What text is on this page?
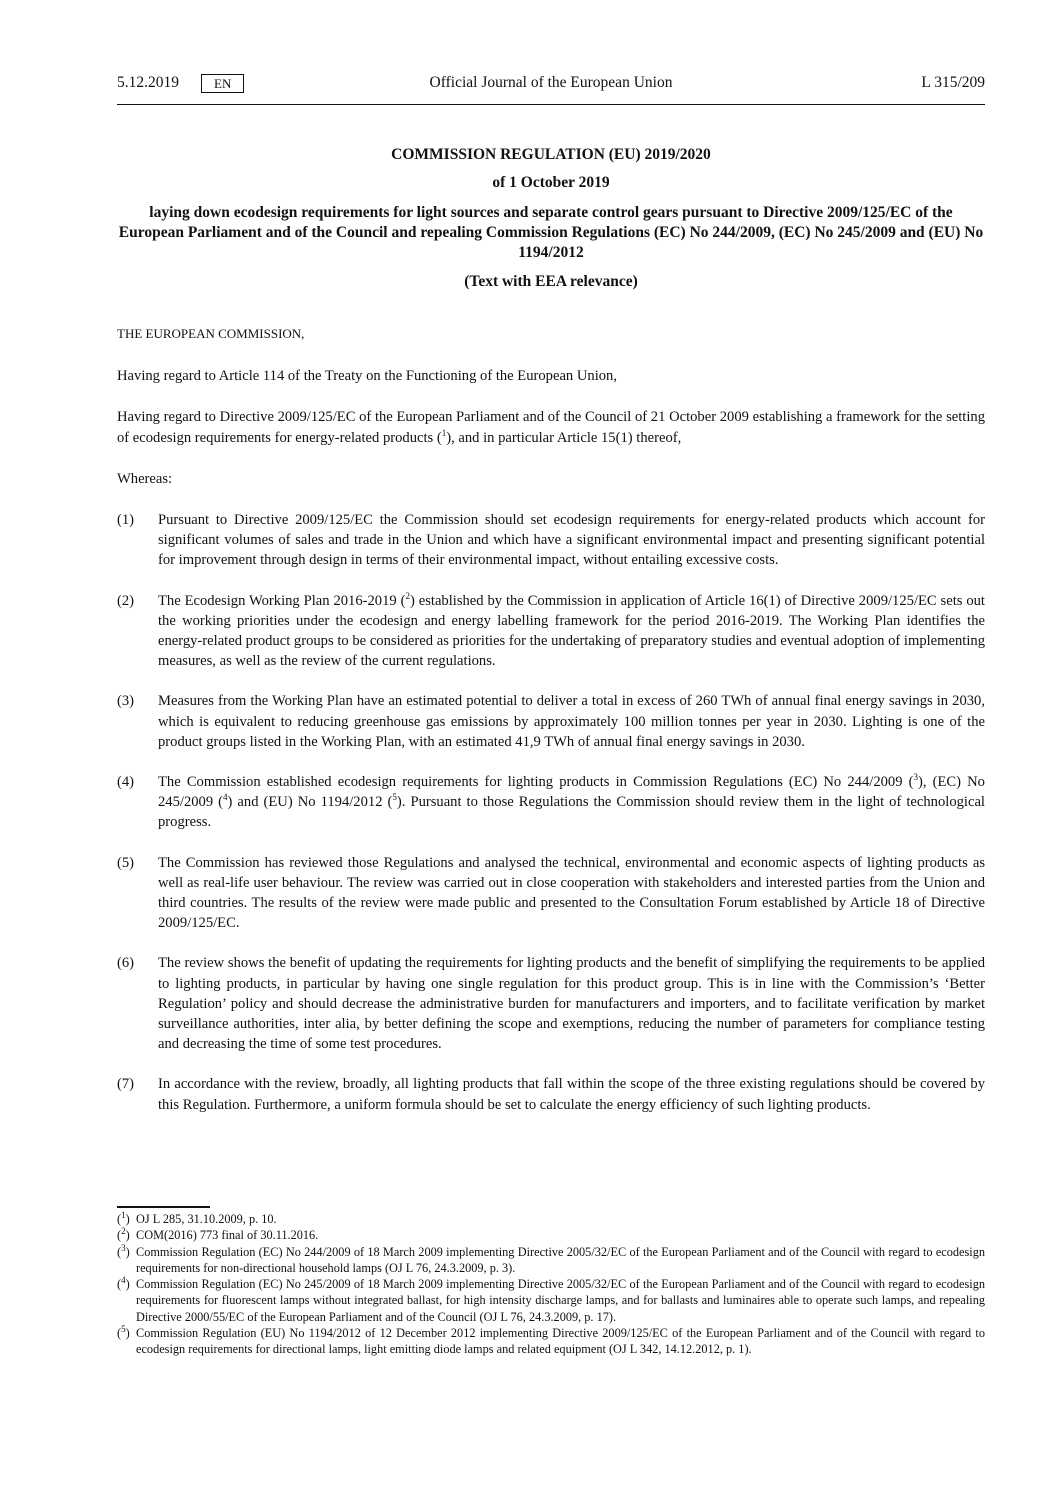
5.12.2019	EN	Official Journal of the European Union	L 315/209

COMMISSION REGULATION (EU) 2019/2020

of 1 October 2019

laying down ecodesign requirements for light sources and separate control gears pursuant to Directive 2009/125/EC of the European Parliament and of the Council and repealing Commission Regulations (EC) No 244/2009, (EC) No 245/2009 and (EU) No 1194/2012

(Text with EEA relevance)

THE EUROPEAN COMMISSION,

Having regard to Article 114 of the Treaty on the Functioning of the European Union,

Having regard to Directive 2009/125/EC of the European Parliament and of the Council of 21 October 2009 establishing a framework for the setting of ecodesign requirements for energy-related products ($^1$), and in particular Article 15(1) thereof,

Whereas:

(1)	Pursuant to Directive 2009/125/EC the Commission should set ecodesign requirements for energy-related products which account for significant volumes of sales and trade in the Union and which have a significant environmental impact and presenting significant potential for improvement through design in terms of their environmental impact, without entailing excessive costs.
(2)	The Ecodesign Working Plan 2016-2019 ($^2$) established by the Commission in application of Article 16(1) of Directive 2009/125/EC sets out the working priorities under the ecodesign and energy labelling framework for the period 2016-2019. The Working Plan identifies the energy-related product groups to be considered as priorities for the undertaking of preparatory studies and eventual adoption of implementing measures, as well as the review of the current regulations.
(3)	Measures from the Working Plan have an estimated potential to deliver a total in excess of 260 TWh of annual final energy savings in 2030, which is equivalent to reducing greenhouse gas emissions by approximately 100 million tonnes per year in 2030. Lighting is one of the product groups listed in the Working Plan, with an estimated 41,9 TWh of annual final energy savings in 2030.
(4)	The Commission established ecodesign requirements for lighting products in Commission Regulations (EC) No 244/2009 ($^3$), (EC) No 245/2009 ($^4$) and (EU) No 1194/2012 ($^5$). Pursuant to those Regulations the Commission should review them in the light of technological progress.
(5)	The Commission has reviewed those Regulations and analysed the technical, environmental and economic aspects of lighting products as well as real-life user behaviour. The review was carried out in close cooperation with stakeholders and interested parties from the Union and third countries. The results of the review were made public and presented to the Consultation Forum established by Article 18 of Directive 2009/125/EC.
(6)	The review shows the benefit of updating the requirements for lighting products and the benefit of simplifying the requirements to be applied to lighting products, in particular by having one single regulation for this product group. This is in line with the Commission’s ‘Better Regulation’ policy and should decrease the administrative burden for manufacturers and importers, and to facilitate verification by market surveillance authorities, inter alia, by better defining the scope and exemptions, reducing the number of parameters for compliance testing and decreasing the time of some test procedures.
(7)	In accordance with the review, broadly, all lighting products that fall within the scope of the three existing regulations should be covered by this Regulation. Furthermore, a uniform formula should be set to calculate the energy efficiency of such lighting products.
($^1$) OJ L 285, 31.10.2009, p. 10.
($^2$) COM(2016) 773 final of 30.11.2016.
($^3$) Commission Regulation (EC) No 244/2009 of 18 March 2009 implementing Directive 2005/32/EC of the European Parliament and of the Council with regard to ecodesign requirements for non-directional household lamps (OJ L 76, 24.3.2009, p. 3).
($^4$) Commission Regulation (EC) No 245/2009 of 18 March 2009 implementing Directive 2005/32/EC of the European Parliament and of the Council with regard to ecodesign requirements for fluorescent lamps without integrated ballast, for high intensity discharge lamps, and for ballasts and luminaires able to operate such lamps, and repealing Directive 2000/55/EC of the European Parliament and of the Council (OJ L 76, 24.3.2009, p. 17).
($^5$) Commission Regulation (EU) No 1194/2012 of 12 December 2012 implementing Directive 2009/125/EC of the European Parliament and of the Council with regard to ecodesign requirements for directional lamps, light emitting diode lamps and related equipment (OJ L 342, 14.12.2012, p. 1).
